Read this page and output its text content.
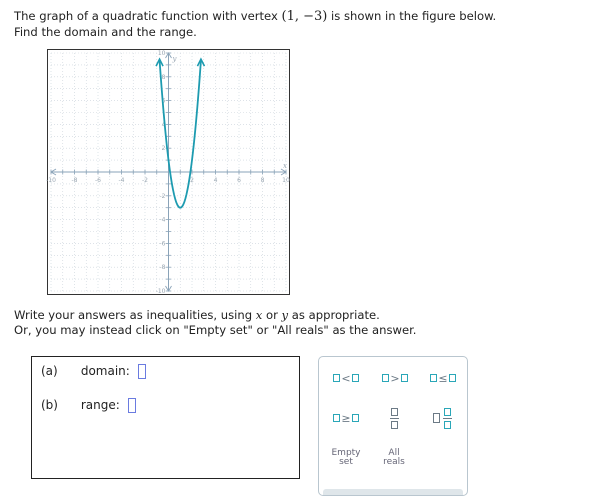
The graph of a quadratic function with vertex (1, −3) is shown in the figure below.
Find the domain and the range.
-10	-8	-6	-4	-2	2	4	6	8	10
-10
-8
-6
-4
-2
2
4
6
8
10
x
y
Write your answers as inequalities, using x or y as appropriate.
Or, you may instead click on "Empty set" or "All reals" as the answer.
(a) domain:
(b) range:
<	>	≤
≥
Empty
set
All
reals
